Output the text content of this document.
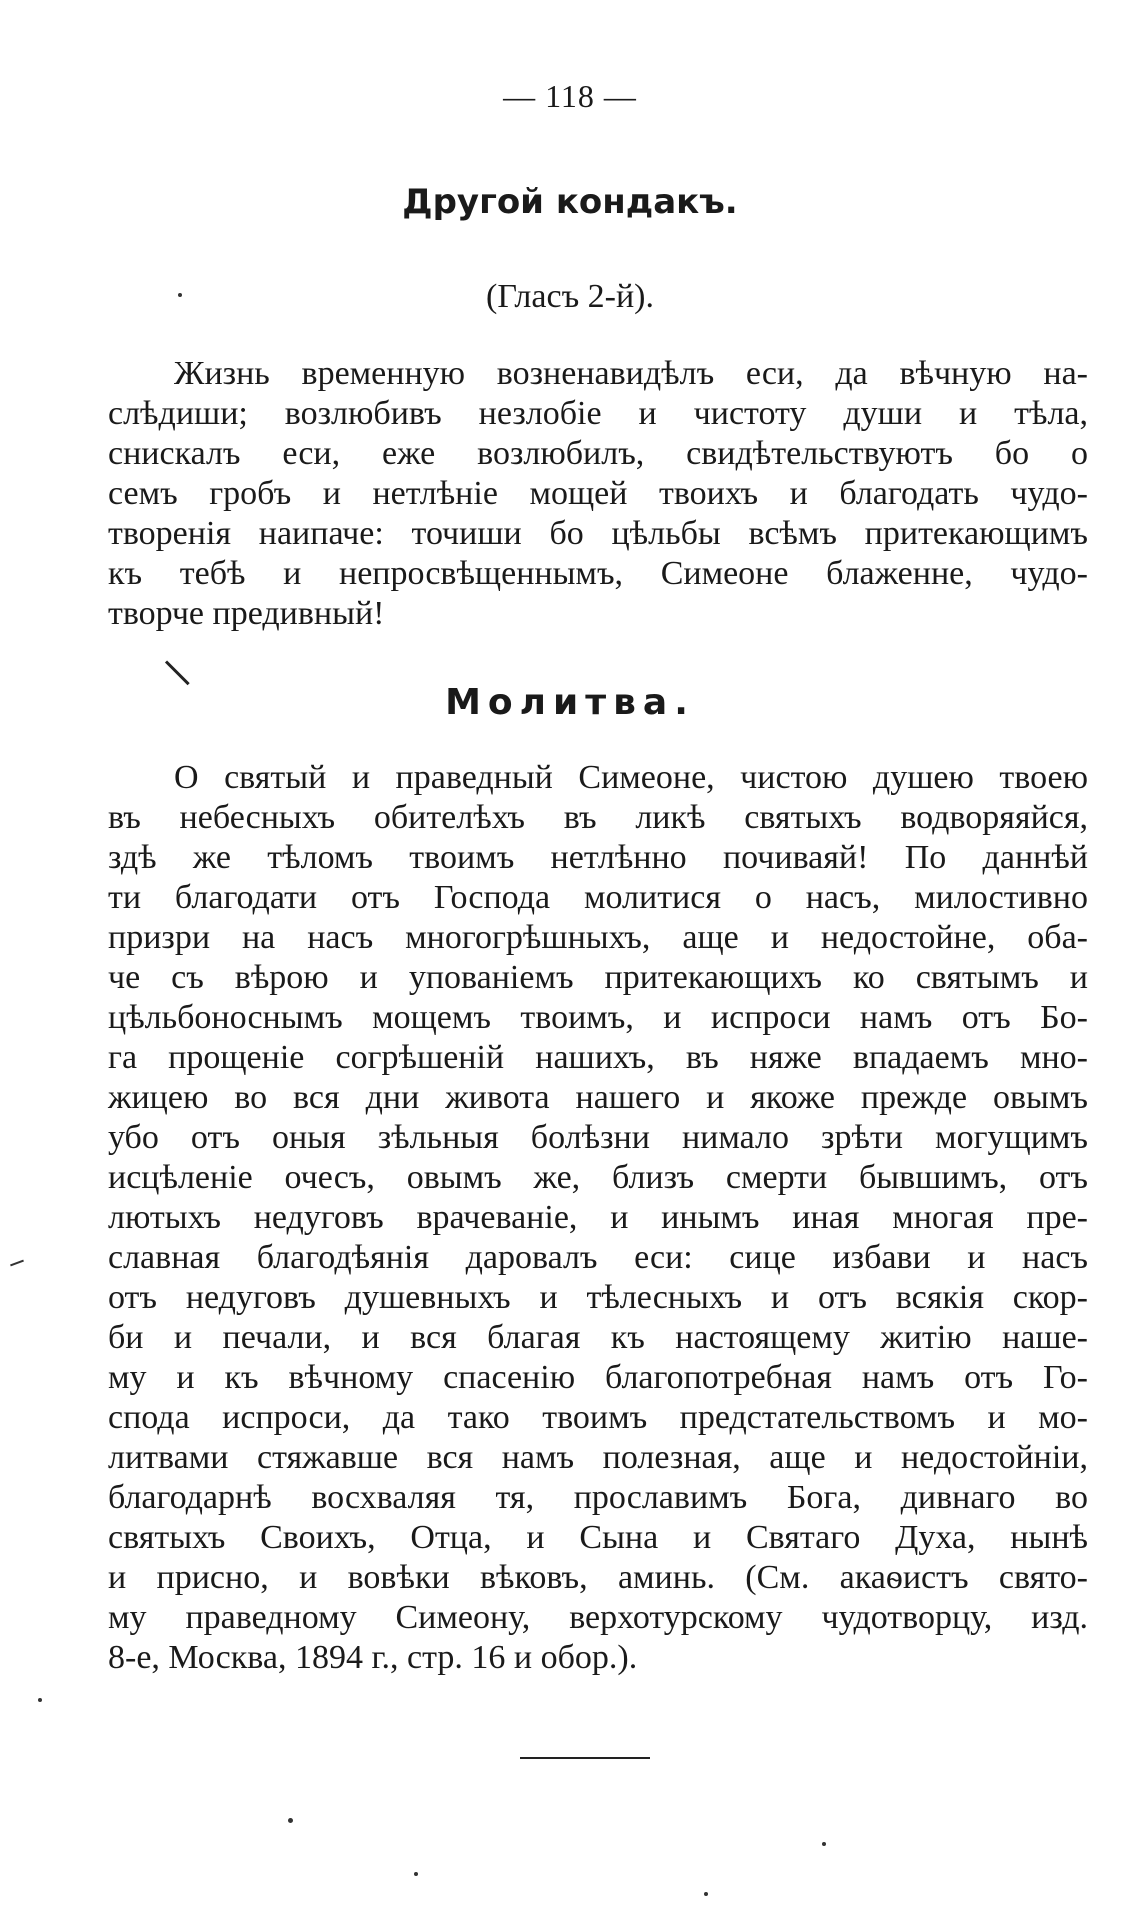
— 118 —
Другой кондакъ.
(Гласъ 2-й).
Жизнь временную возненавидѣлъ еси, да вѣчную на-
слѣдиши; возлюбивъ незлобіе и чистоту души и тѣла,
снискалъ еси, еже возлюбилъ, свидѣтельствуютъ бо о
семъ гробъ и нетлѣніе мощей твоихъ и благодать чудо-
творенія наипаче: точиши бо цѣльбы всѣмъ притекающимъ
къ тебѣ и непросвѣщеннымъ, Симеоне блаженне, чудо-
творче предивный!
Молитва.
О святый и праведный Симеоне, чистою душею твоею
въ небесныхъ обителѣхъ въ ликѣ святыхъ водворяяйся,
здѣ же тѣломъ твоимъ нетлѣнно почиваяй! По даннѣй
ти благодати отъ Господа молитися о насъ, милостивно
призри на насъ многогрѣшныхъ, аще и недостойне, оба-
че съ вѣрою и упованіемъ притекающихъ ко святымъ и
цѣльбоноснымъ мощемъ твоимъ, и испроси намъ отъ Бо-
га прощеніе согрѣшеній нашихъ, въ няже впадаемъ мно-
жицею во вся дни живота нашего и якоже прежде овымъ
убо отъ оныя зѣльныя болѣзни нимало зрѣти могущимъ
исцѣленіе очесъ, овымъ же, близъ смерти бывшимъ, отъ
лютыхъ недуговъ врачеваніе, и инымъ иная многая пре-
славная благодѣянія даровалъ еси: сице избави и насъ
отъ недуговъ душевныхъ и тѣлесныхъ и отъ всякія скор-
би и печали, и вся благая къ настоящему житію наше-
му и къ вѣчному спасенію благопотребная намъ отъ Го-
спода испроси, да тако твоимъ предстательствомъ и мо-
литвами стяжавше вся намъ полезная, аще и недостойнiи,
благодарнѣ восхваляя тя, прославимъ Бога, дивнаго во
святыхъ Своихъ, Отца, и Сына и Святаго Духа, нынѣ
и присно, и вовѣки вѣковъ, аминь. (См. акаѳистъ свято-
му праведному Симеону, верхотурскому чудотворцу, изд.
8-е, Москва, 1894 г., стр. 16 и обор.).
